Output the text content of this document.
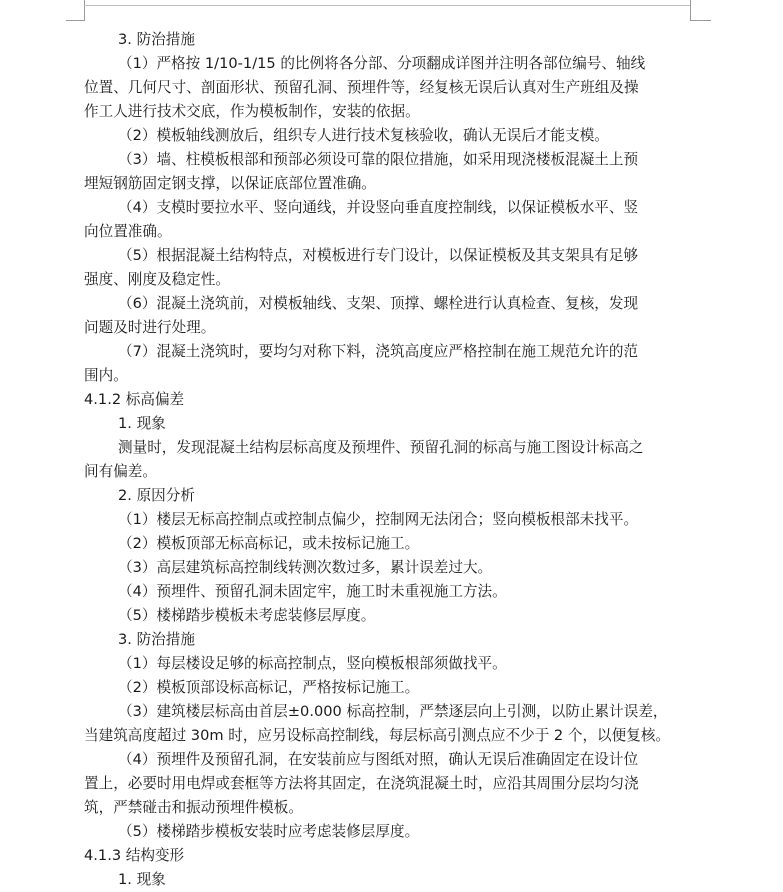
3. 防治措施
（1）严格按 1/10-1/15 的比例将各分部、分项翻成详图并注明各部位编号、轴线
位置、几何尺寸、剖面形状、预留孔洞、预埋件等，经复核无误后认真对生产班组及操
作工人进行技术交底，作为模板制作，安装的依据。
（2）模板轴线测放后，组织专人进行技术复核验收，确认无误后才能支模。
（3）墙、柱模板根部和预部必须设可靠的限位措施，如采用现浇楼板混凝土上预
埋短钢筋固定钢支撑，以保证底部位置准确。
（4）支模时要拉水平、竖向通线，并设竖向垂直度控制线，以保证模板水平、竖
向位置准确。
（5）根据混凝土结构特点，对模板进行专门设计，以保证模板及其支架具有足够
强度、刚度及稳定性。
（6）混凝土浇筑前，对模板轴线、支架、顶撑、螺栓进行认真检查、复核，发现
问题及时进行处理。
（7）混凝土浇筑时，要均匀对称下料，浇筑高度应严格控制在施工规范允许的范
围内。
4.1.2 标高偏差
1. 现象
测量时，发现混凝土结构层标高度及预埋件、预留孔洞的标高与施工图设计标高之
间有偏差。
2. 原因分析
（1）楼层无标高控制点或控制点偏少，控制网无法闭合；竖向模板根部未找平。
（2）模板顶部无标高标记，或未按标记施工。
（3）高层建筑标高控制线转测次数过多，累计误差过大。
（4）预埋件、预留孔洞未固定牢，施工时未重视施工方法。
（5）楼梯踏步模板未考虑装修层厚度。
3. 防治措施
（1）每层楼设足够的标高控制点，竖向模板根部须做找平。
（2）模板顶部设标高标记，严格按标记施工。
（3）建筑楼层标高由首层±0.000 标高控制，严禁逐层向上引测，以防止累计误差，
当建筑高度超过 30m 时，应另设标高控制线，每层标高引测点应不少于 2 个，以便复核。
（4）预埋件及预留孔洞，在安装前应与图纸对照，确认无误后准确固定在设计位
置上，必要时用电焊或套框等方法将其固定，在浇筑混凝土时，应沿其周围分层均匀浇
筑，严禁碰击和振动预埋件模板。
（5）楼梯踏步模板安装时应考虑装修层厚度。
4.1.3 结构变形
1. 现象
